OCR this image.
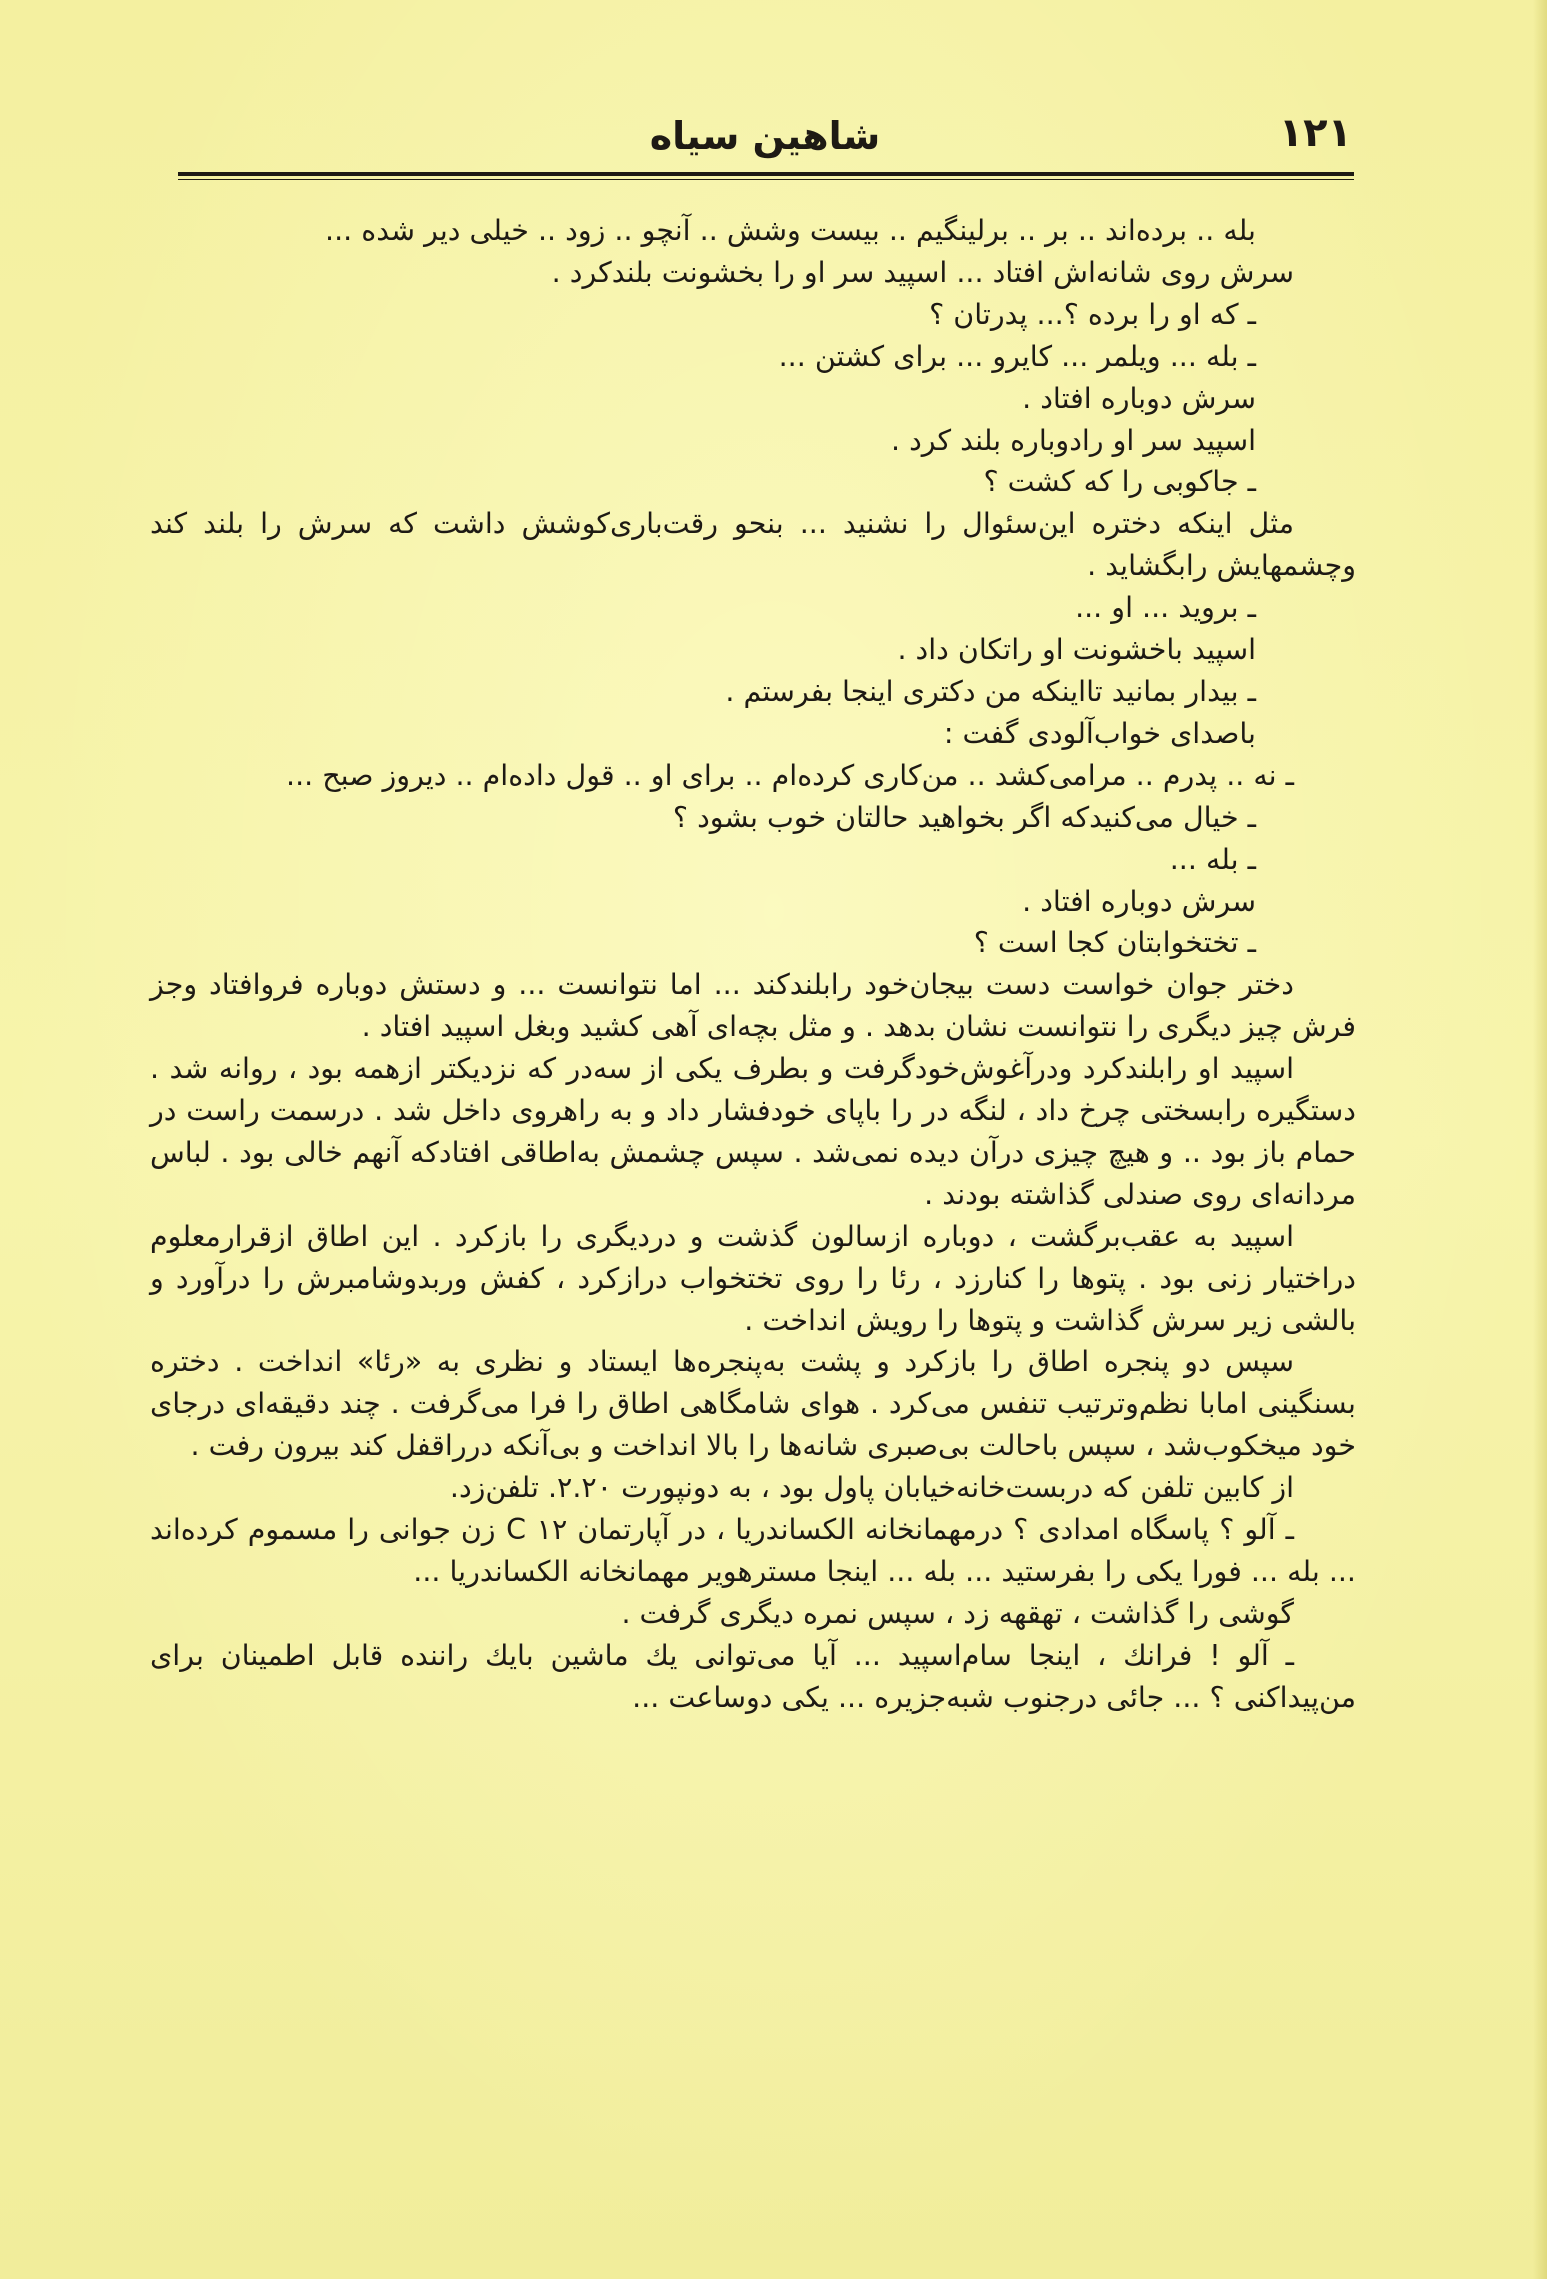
شاهین سیاه	۱۲۱

بله .. برده‌اند .. بر .. برلینگیم .. بیست وشش .. آنچو .. زود .. خیلی دیر شده ...

سرش روی شانه‌اش افتاد ... اسپید سر او را بخشونت بلندکرد .

ـ که او را برده ؟... پدرتان ؟

ـ بله ... ویلمر ... کایرو ... برای کشتن ...

سرش دوباره افتاد .

اسپید سر او رادوباره بلند کرد .

ـ جاکوبی را که کشت ؟

مثل اینکه دختره این‌سئوال را نشنید ... بنحو رقت‌باری‌کوشش داشت که سرش را بلند کند وچشمهایش رابگشاید .

ـ بروید ... او ...

اسپید باخشونت او راتکان داد .

ـ بیدار بمانید تااینکه من دکتری اینجا بفرستم .

باصدای خواب‌آلودی گفت :

ـ نه .. پدرم .. مرامی‌کشد .. من‌کاری کرده‌ام .. برای او .. قول داده‌ام .. دیروز صبح ...

ـ خیال می‌کنیدکه اگر بخواهید حالتان خوب بشود ؟

ـ بله ...

سرش دوباره افتاد .

ـ تختخوابتان کجا است ؟

دختر جوان خواست دست بیجان‌خود رابلندکند ... اما نتوانست ... و دستش دوباره فروافتاد وجز فرش چیز دیگری را نتوانست نشان بدهد . و مثل بچه‌ای آهی کشید وبغل اسپید افتاد .

اسپید او رابلندکرد ودرآغوش‌خودگرفت و بطرف یکی از سه‌در که نزدیکتر ازهمه بود ، روانه شد . دستگیره رابسختی چرخ داد ، لنگه در را باپای خودفشار داد و به راهروی داخل شد . درسمت راست در حمام باز بود .. و هیچ چیزی درآن دیده نمی‌شد . سپس چشمش به‌اطاقی افتادکه آنهم خالی بود . لباس مردانه‌ای روی صندلی گذاشته بودند .

اسپید به عقب‌برگشت ، دوباره ازسالون گذشت و دردیگری را بازکرد . این اطاق ازقرارمعلوم دراختیار زنی بود . پتوها را کنارزد ، رئا را روی تختخواب درازکرد ، کفش وربدوشامبرش را درآورد و بالشی زیر سرش گذاشت و پتوها را رویش انداخت .

سپس دو پنجره اطاق را بازکرد و پشت به‌پنجره‌ها ایستاد و نظری به «رئا» انداخت . دختره بسنگینی امابا نظم‌وترتیب تنفس می‌کرد . هوای شامگاهی اطاق را فرا می‌گرفت . چند دقیقه‌ای درجای خود میخکوب‌شد ، سپس باحالت بی‌صبری شانه‌ها را بالا انداخت و بی‌آنکه دررا‌قفل کند بیرون رفت .

از کابین تلفن که دربست‌خانه‌خیابان پاول بود ، به دونپورت ۲.۲۰. تلفن‌زد.

ـ آلو ؟ پاسگاه امدادی ؟ درمهمانخانه الکساندریا ، در آپارتمان ۱۲ C زن جوانی را مسموم کرده‌اند ... بله ... فورا یکی را بفرستید ... بله ... اینجا مستر‌هویر مهمانخانه الکساندریا ...

گوشی را گذاشت ، تهقهه زد ، سپس نمره دیگری گرفت .

ـ آلو ! فرانك ، اینجا سام‌اسپید ... آیا می‌توانی یك ماشین بایك راننده قابل اطمینان برای من‌پیداکنی ؟ ... جائی درجنوب شبه‌جزیره ... یکی دوساعت ...
